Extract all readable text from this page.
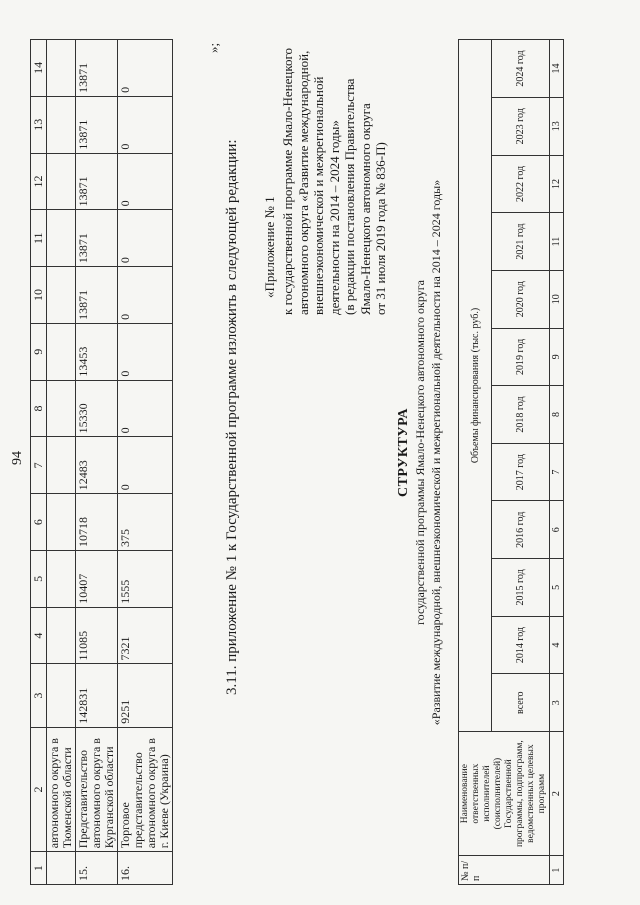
94
1	2	3	4	5	6	7	8	9	10	11	12	13	14
	автономного округа в Тюменской области												
15.	Представительство автономного округа в Курганской области	142831	11085	10407	10718	12483	15330	13453	13871	13871	13871	13871	13871
16.	Торговое представительство автономного округа в г. Киеве (Украина)	9251	7321	1555	375	0	0	0	0	0	0	0	0
»;
3.11. приложение № 1 к Государственной программе изложить в следующей редакции: «Приложение № 1 к государственной программе Ямало-Ненецкого автономного округа «Развитие международной, внешнеэкономической и межрегиональной деятельности на 2014 – 2024 годы» (в редакции постановления Правительства Ямало-Ненецкого автономного округа от 31 июля 2019 года № 836-П)
СТРУКТУРА государственной программы Ямало-Ненецкого автономного округа «Развитие международной, внешнеэкономической и межрегиональной деятельности на 2014 – 2024 годы»
№ п/п	Наименование ответственных исполнителей (соисполнителей) Государственной программы, подпрограмм, ведомственных целевых программ	Объемы финансирования (тыс. руб.)											
		всего	2014 год	2015 год	2016 год	2017 год	2018 год	2019 год	2020 год	2021 год	2022 год	2023 год	2024 год
1	2	3	4	5	6	7	8	9	10	11	12	13	14
